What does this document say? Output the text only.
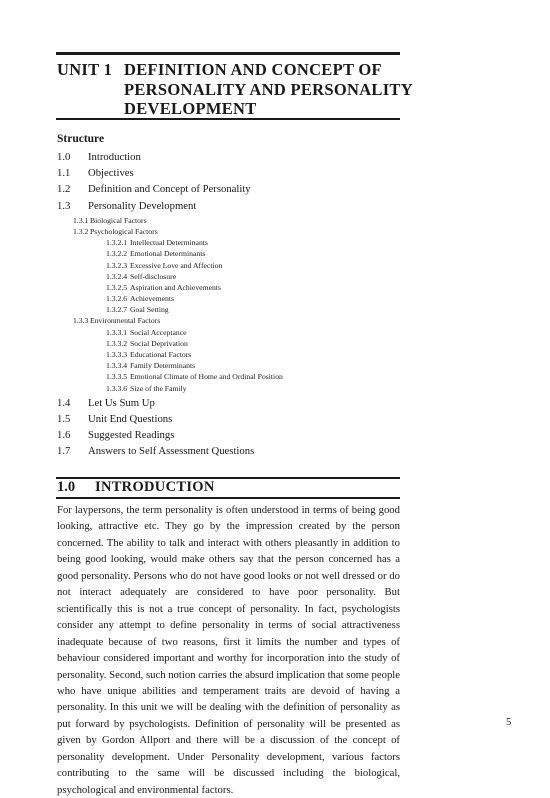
UNIT 1 DEFINITION AND CONCEPT OF
PERSONALITY AND PERSONALITY
DEVELOPMENT
Structure
1.0 Introduction
1.1 Objectives
1.2 Definition and Concept of Personality
1.3 Personality Development
1.3.1 Biological Factors
1.3.2 Psychological Factors
1.3.2.1 Intellectual Determinants
1.3.2.2 Emotional Determinants
1.3.2.3 Excessive Love and Affection
1.3.2.4 Self-disclosure
1.3.2.5 Aspiration and Achievements
1.3.2.6 Achievements
1.3.2.7 Goal Setting
1.3.3 Environmental Factors
1.3.3.1 Social Acceptance
1.3.3.2 Social Deprivation
1.3.3.3 Educational Factors
1.3.3.4 Family Determinants
1.3.3.5 Emotional Climate of Home and Ordinal Position
1.3.3.6 Size of the Family
1.4 Let Us Sum Up
1.5 Unit End Questions
1.6 Suggested Readings
1.7 Answers to Self Assessment Questions
1.0 INTRODUCTION
For laypersons, the term personality is often understood in terms of being good looking, attractive etc. They go by the impression created by the person concerned. The ability to talk and interact with others pleasantly in addition to being good looking, would make others say that the person concerned has a good personality. Persons who do not have good looks or not well dressed or do not interact adequately are considered to have poor personality. But scientifically this is not a true concept of personality. In fact, psychologists consider any attempt to define personality in terms of social attractiveness inadequate because of two reasons, first it limits the number and types of behaviour considered important and worthy for incorporation into the study of personality. Second, such notion carries the absurd implication that some people who have unique abilities and temperament traits are devoid of having a personality. In this unit we will be dealing with the definition of personality as put forward by psychologists. Definition of personality will be presented as given by Gordon Allport and there will be a discussion of the concept of personality development. Under Personality development, various factors contributing to the same will be discussed including the biological, psychological and environmental factors.
5
